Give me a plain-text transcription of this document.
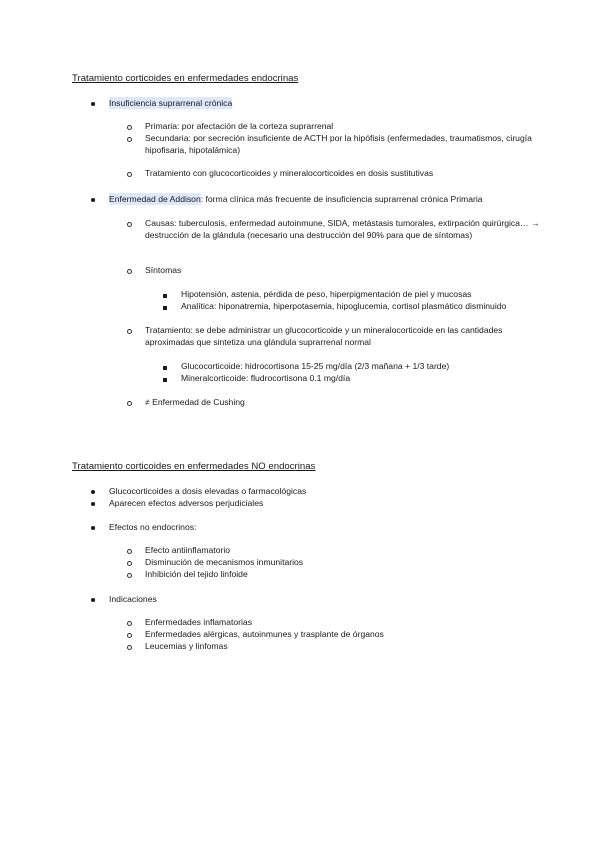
Tratamiento corticoides en enfermedades endocrinas
Insuficiencia suprarrenal crónica
Primaria: por afectación de la corteza suprarrenal
Secundaria: por secreción insuficiente de ACTH por la hipófisis (enfermedades, traumatismos, cirugía hipofisaria, hipotalámica)
Tratamiento con glucocorticoides y mineralocorticoides en dosis sustitutivas
Enfermedad de Addison: forma clínica más frecuente de insuficiencia suprarrenal crónica Primaria
Causas: tuberculosis, enfermedad autoinmune, SIDA, metástasis tumorales, extirpación quirúrgica… → destrucción de la glándula (necesario una destrucción del 90% para que de síntomas)
Síntomas
Hipotensión, astenia, pérdida de peso, hiperpigmentación de piel y mucosas
Analítica: hiponatremia, hiperpotasemia, hipoglucemia, cortisol plasmático disminuido
Tratamiento: se debe administrar un glucocorticoide y un mineralocorticoide en las cantidades aproximadas que sintetiza una glándula suprarrenal normal
Glucocorticoide: hidrocortisona 15-25 mg/día (2/3 mañana + 1/3 tarde)
Mineralcorticoide: fludrocortisona 0.1 mg/día
≠ Enfermedad de Cushing
Tratamiento corticoides en enfermedades NO endocrinas
Glucocorticoides a dosis elevadas o farmacológicas
Aparecen efectos adversos perjudiciales
Efectos no endocrinos:
Efecto antiinflamatorio
Disminución de mecanismos inmunitarios
Inhibición del tejido linfoide
Indicaciones
Enfermedades inflamatorias
Enfermedades alérgicas, autoinmunes y trasplante de órganos
Leucemias y linfomas
